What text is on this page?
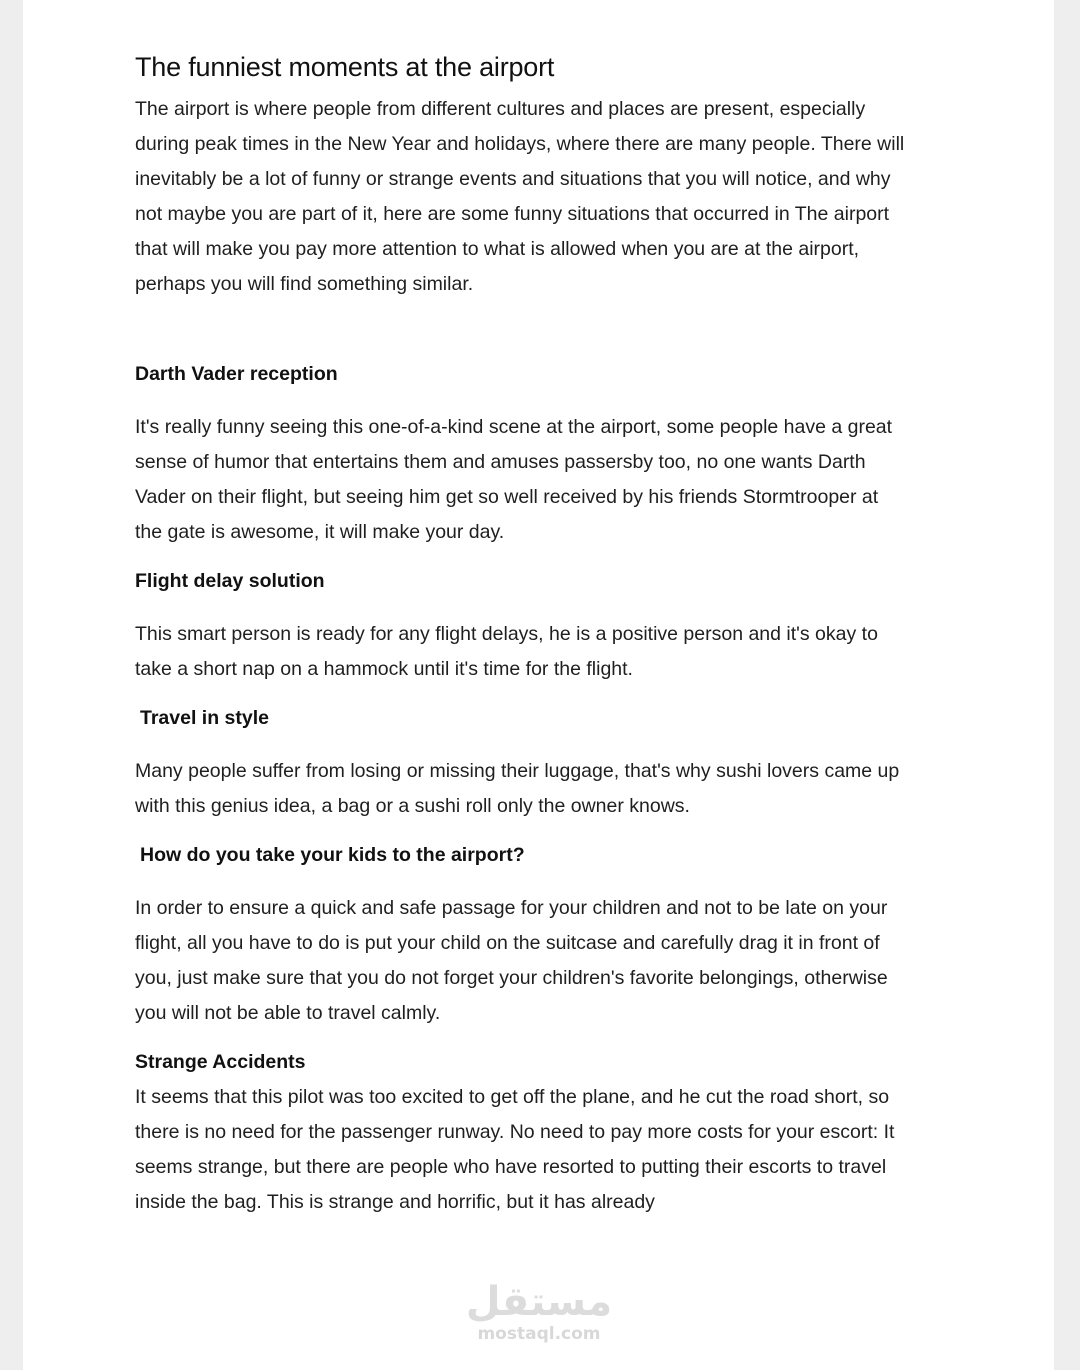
The funniest moments at the airport

The airport is where people from different cultures and places are present, especially during peak times in the New Year and holidays, where there are many people. There will inevitably be a lot of funny or strange events and situations that you will notice, and why not maybe you are part of it, here are some funny situations that occurred in The airport that will make you pay more attention to what is allowed when you are at the airport, perhaps you will find something similar.

Darth Vader reception

It's really funny seeing this one-of-a-kind scene at the airport, some people have a great sense of humor that entertains them and amuses passersby too, no one wants Darth Vader on their flight, but seeing him get so well received by his friends Stormtrooper at the gate is awesome, it will make your day.

Flight delay solution

This smart person is ready for any flight delays, he is a positive person and it's okay to take a short nap on a hammock until it's time for the flight.

Travel in style

Many people suffer from losing or missing their luggage, that's why sushi lovers came up with this genius idea, a bag or a sushi roll only the owner knows.

How do you take your kids to the airport?

In order to ensure a quick and safe passage for your children and not to be late on your flight, all you have to do is put your child on the suitcase and carefully drag it in front of you, just make sure that you do not forget your children's favorite belongings, otherwise you will not be able to travel calmly.

Strange Accidents

It seems that this pilot was too excited to get off the plane, and he cut the road short, so there is no need for the passenger runway. No need to pay more costs for your escort: It seems strange, but there are people who have resorted to putting their escorts to travel inside the bag. This is strange and horrific, but it has already

مستقل
mostaql.com
